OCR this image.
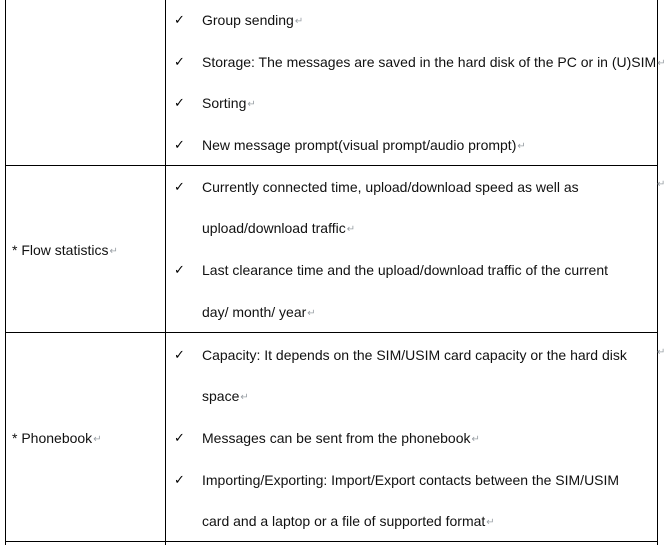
* Flow statistics↵
* Phonebook↵
✓ Group sending↵
✓ Storage: The messages are saved in the hard disk of the PC or in (U)SIM↵
✓ Sorting↵
✓ New message prompt(visual prompt/audio prompt)↵
✓ Currently connected time, upload/download speed as well as	↵
upload/download traffic↵
✓ Last clearance time and the upload/download traffic of the current
day/ month/ year↵
✓ Capacity: It depends on the SIM/USIM card capacity or the hard disk	↵
space↵
✓ Messages can be sent from the phonebook↵
✓ Importing/Exporting: Import/Export contacts between the SIM/USIM
card and a laptop or a file of supported format↵
